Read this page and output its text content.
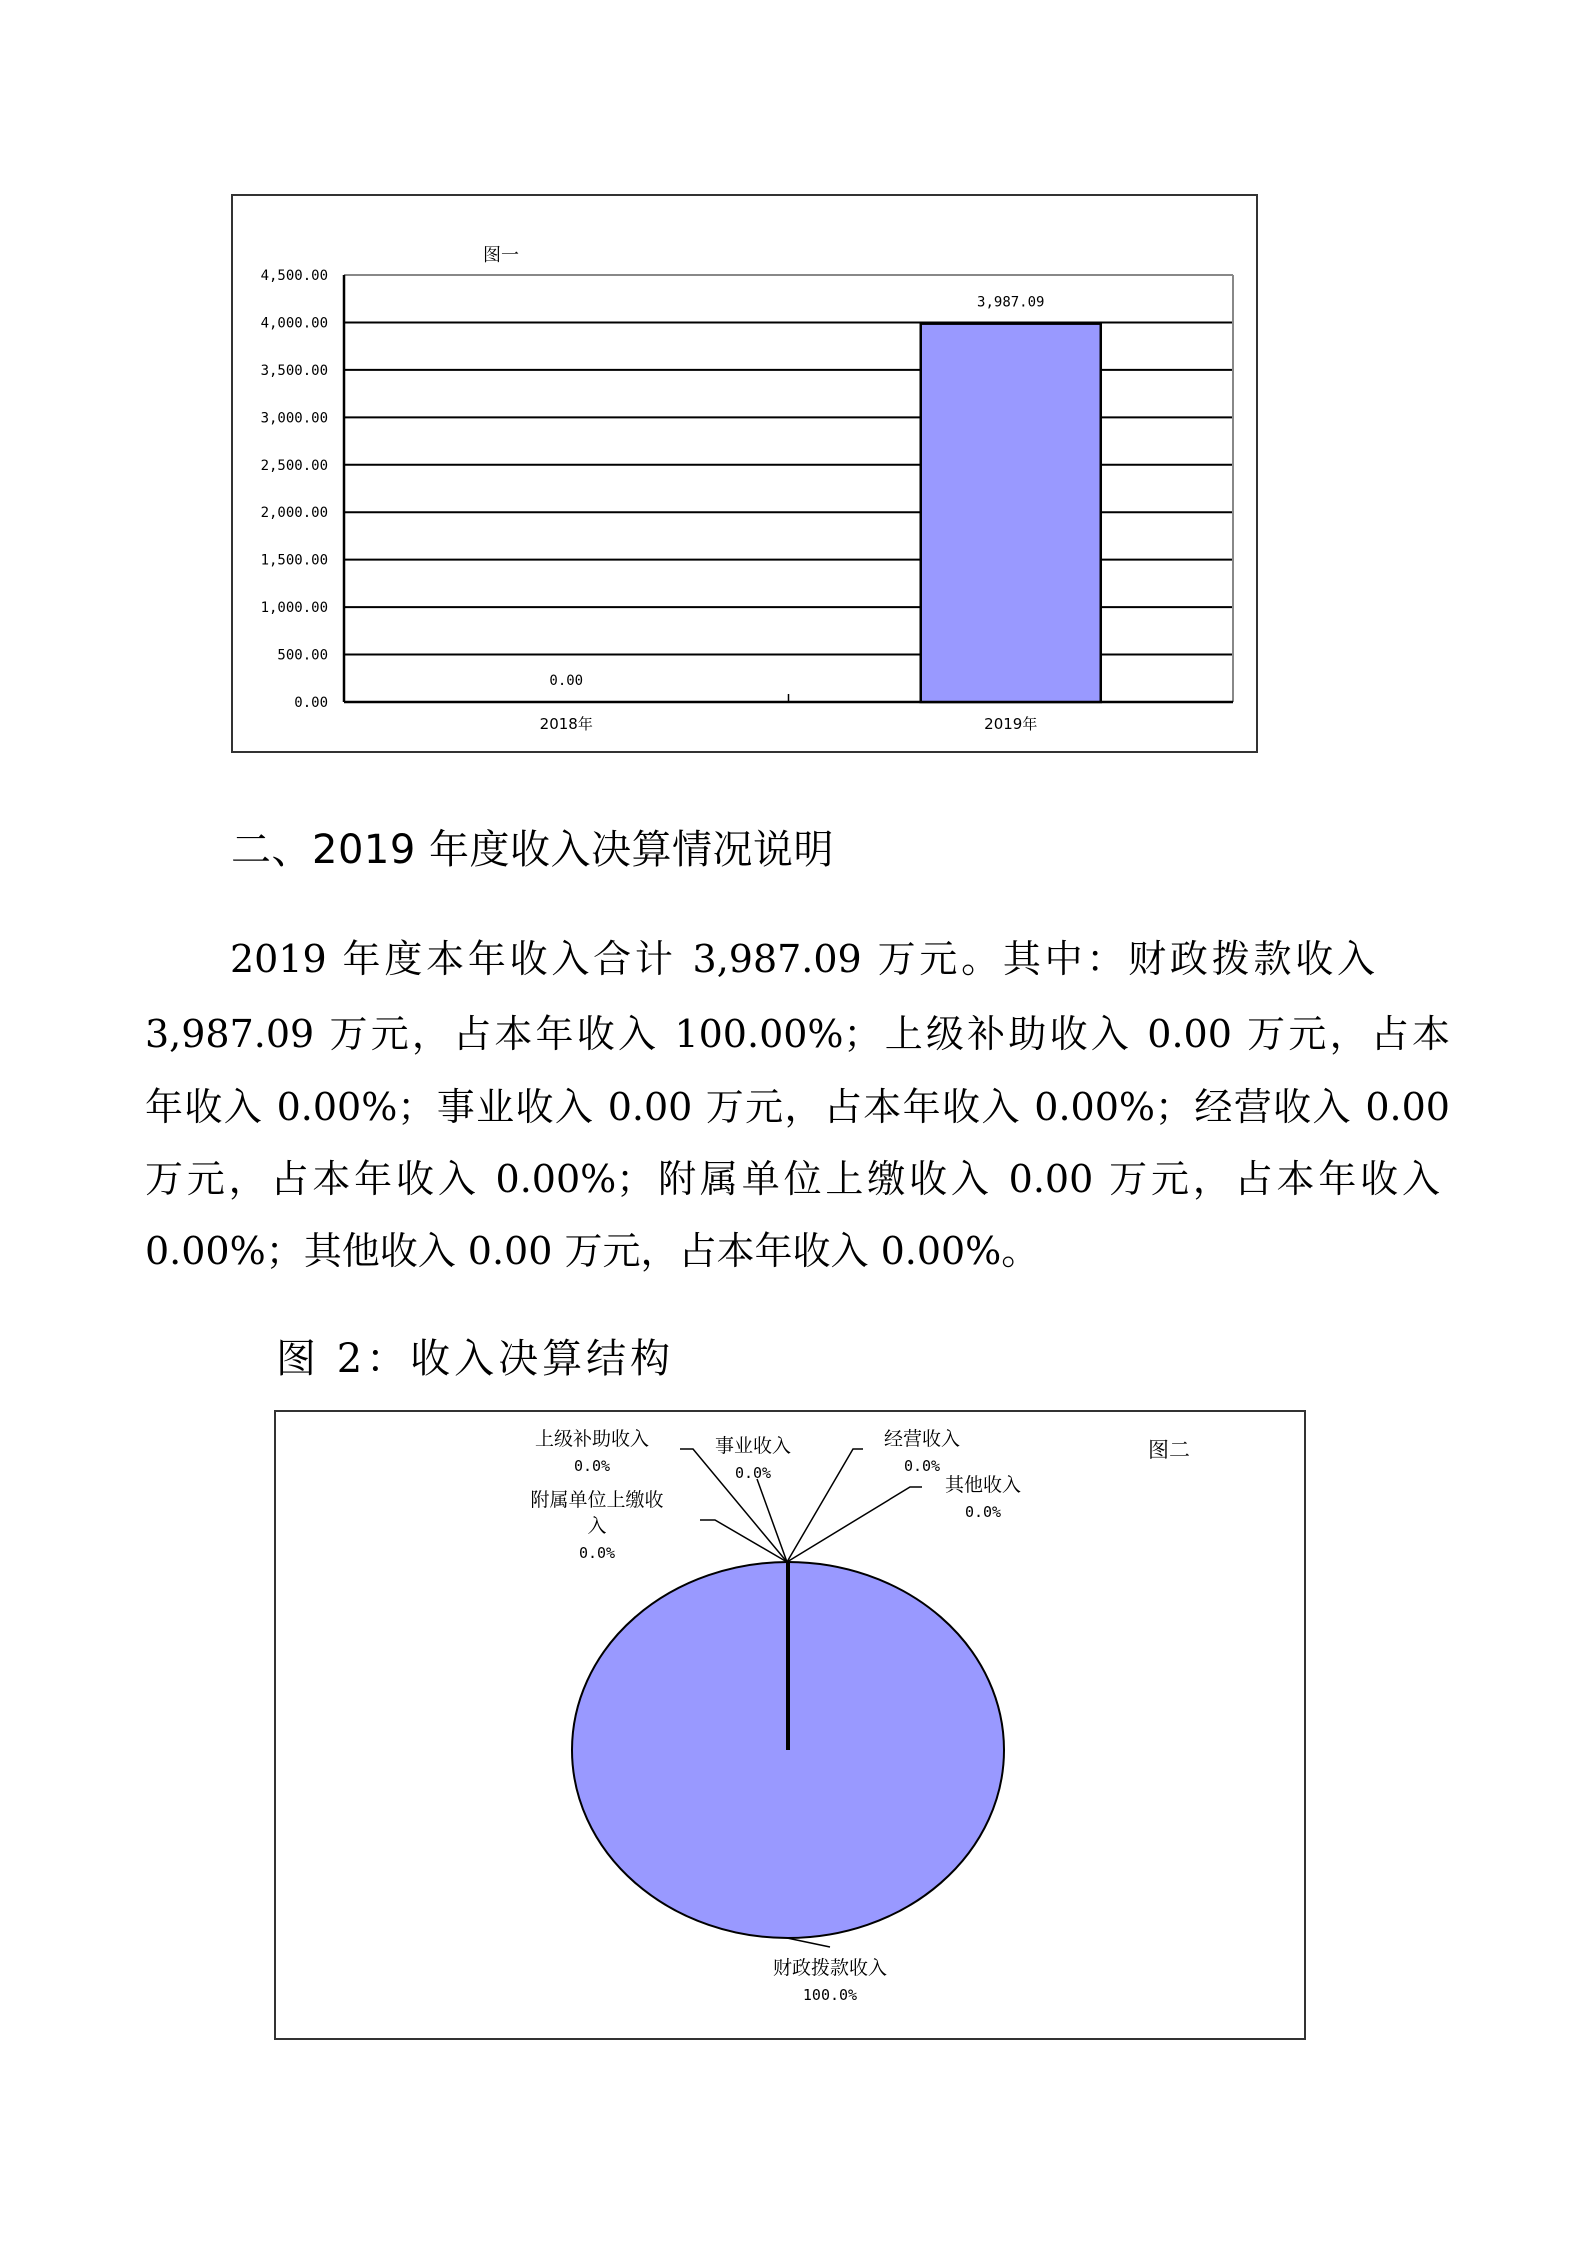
图一
0.00
500.00
1,000.00
1,500.00
2,000.00
2,500.00
3,000.00
3,500.00
4,000.00
4,500.00
0.00
3,987.09
2018年	2019年
二、2019 年度收入决算情况说明
2019 年度本年收入合计 3,987.09 万元。其中：财政拨款收入
3,987.09 万元，占本年收入 100.00%；上级补助收入 0.00 万元，占本
年收入 0.00%；事业收入 0.00 万元，占本年收入 0.00%；经营收入 0.00
万元，占本年收入 0.00%；附属单位上缴收入 0.00 万元，占本年收入
0.00%；其他收入 0.00 万元，占本年收入 0.00%。
图 2：收入决算结构
图二
财政拨款收入
100.0%
上级补助收入
0.0%
事业收入
0.0%
经营收入
0.0%
附属单位上缴收
入
0.0%
其他收入
0.0%
